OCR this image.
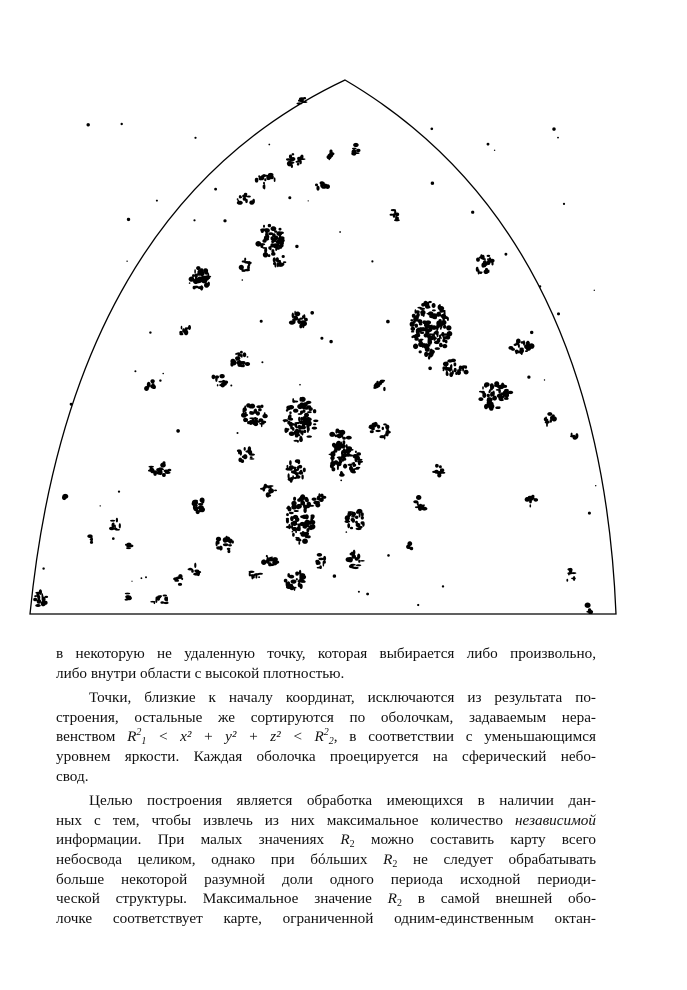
в некоторую не удаленную точку, которая выбирается либо произвольно,
либо внутри области с высокой плотностью.
Точки, близкие к началу координат, исключаются из результата по-
строения, остальные же сортируются по оболочкам, задаваемым нера-
венством $R^2_1 < x^2 + y^2 + z^2 < R^2_2$, в соответствии с уменьшающимся
уровнем яркости. Каждая оболочка проецируется на сферический небо-
свод.
Целью построения является обработка имеющихся в наличии дан-
ных с тем, чтобы извлечь из них максимальное количество независимой
информации. При малых значениях $R_2$ можно составить карту всего
небосвода целиком, однако при бóльших $R_2$ не следует обрабатывать
больше некоторой разумной доли одного периода исходной периоди-
ческой структуры. Максимальное значение $R_2$ в самой внешней обо-
лочке соответствует карте, ограниченной одним-единственным октан-
